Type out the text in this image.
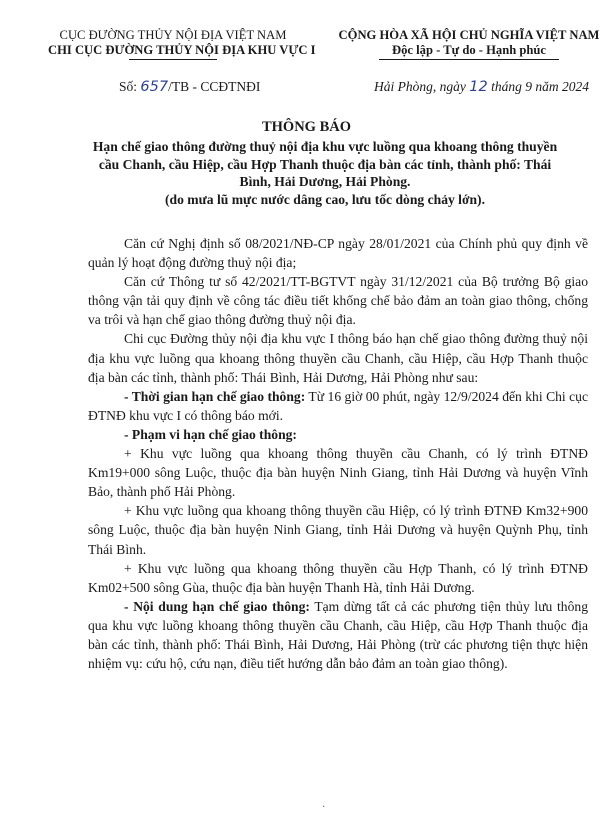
CỤC ĐƯỜNG THỦY NỘI ĐỊA VIỆT NAM
CHI CỤC ĐƯỜNG THỦY NỘI ĐỊA KHU VỰC I
CỘNG HÒA XÃ HỘI CHỦ NGHĨA VIỆT NAM
Độc lập - Tự do - Hạnh phúc
Số: 657/TB - CCĐTNĐI	Hải Phòng, ngày 12 tháng 9 năm 2024
THÔNG BÁO
Hạn chế giao thông đường thuỷ nội địa khu vực luồng qua khoang thông thuyền cầu Chanh, cầu Hiệp, cầu Hợp Thanh thuộc địa bàn các tỉnh, thành phố: Thái Bình, Hải Dương, Hải Phòng.
(do mưa lũ mực nước dâng cao, lưu tốc dòng chảy lớn).

Căn cứ Nghị định số 08/2021/NĐ-CP ngày 28/01/2021 của Chính phủ quy định về quản lý hoạt động đường thuỷ nội địa;

Căn cứ Thông tư số 42/2021/TT-BGTVT ngày 31/12/2021 của Bộ trưởng Bộ giao thông vận tải quy định về công tác điều tiết khống chế bảo đảm an toàn giao thông, chống va trôi và hạn chế giao thông đường thuỷ nội địa.

Chi cục Đường thủy nội địa khu vực I thông báo hạn chế giao thông đường thuỷ nội địa khu vực luồng qua khoang thông thuyền cầu Chanh, cầu Hiệp, cầu Hợp Thanh thuộc địa bàn các tỉnh, thành phố: Thái Bình, Hải Dương, Hải Phòng như sau:

- Thời gian hạn chế giao thông: Từ 16 giờ 00 phút, ngày 12/9/2024 đến khi Chi cục ĐTNĐ khu vực I có thông báo mới.

- Phạm vi hạn chế giao thông:

+ Khu vực luồng qua khoang thông thuyền cầu Chanh, có lý trình ĐTNĐ Km19+000 sông Luộc, thuộc địa bàn huyện Ninh Giang, tỉnh Hải Dương và huyện Vĩnh Bảo, thành phố Hải Phòng.

+ Khu vực luồng qua khoang thông thuyền cầu Hiệp, có lý trình ĐTNĐ Km32+900 sông Luộc, thuộc địa bàn huyện Ninh Giang, tỉnh Hải Dương và huyện Quỳnh Phụ, tỉnh Thái Bình.

+ Khu vực luồng qua khoang thông thuyền cầu Hợp Thanh, có lý trình ĐTNĐ Km02+500 sông Gùa, thuộc địa bàn huyện Thanh Hà, tỉnh Hải Dương.

- Nội dung hạn chế giao thông: Tạm dừng tất cả các phương tiện thủy lưu thông qua khu vực luồng khoang thông thuyền cầu Chanh, cầu Hiệp, cầu Hợp Thanh thuộc địa bàn các tỉnh, thành phố: Thái Bình, Hải Dương, Hải Phòng (trừ các phương tiện thực hiện nhiệm vụ: cứu hộ, cứu nạn, điều tiết hướng dẫn bảo đảm an toàn giao thông).

·
